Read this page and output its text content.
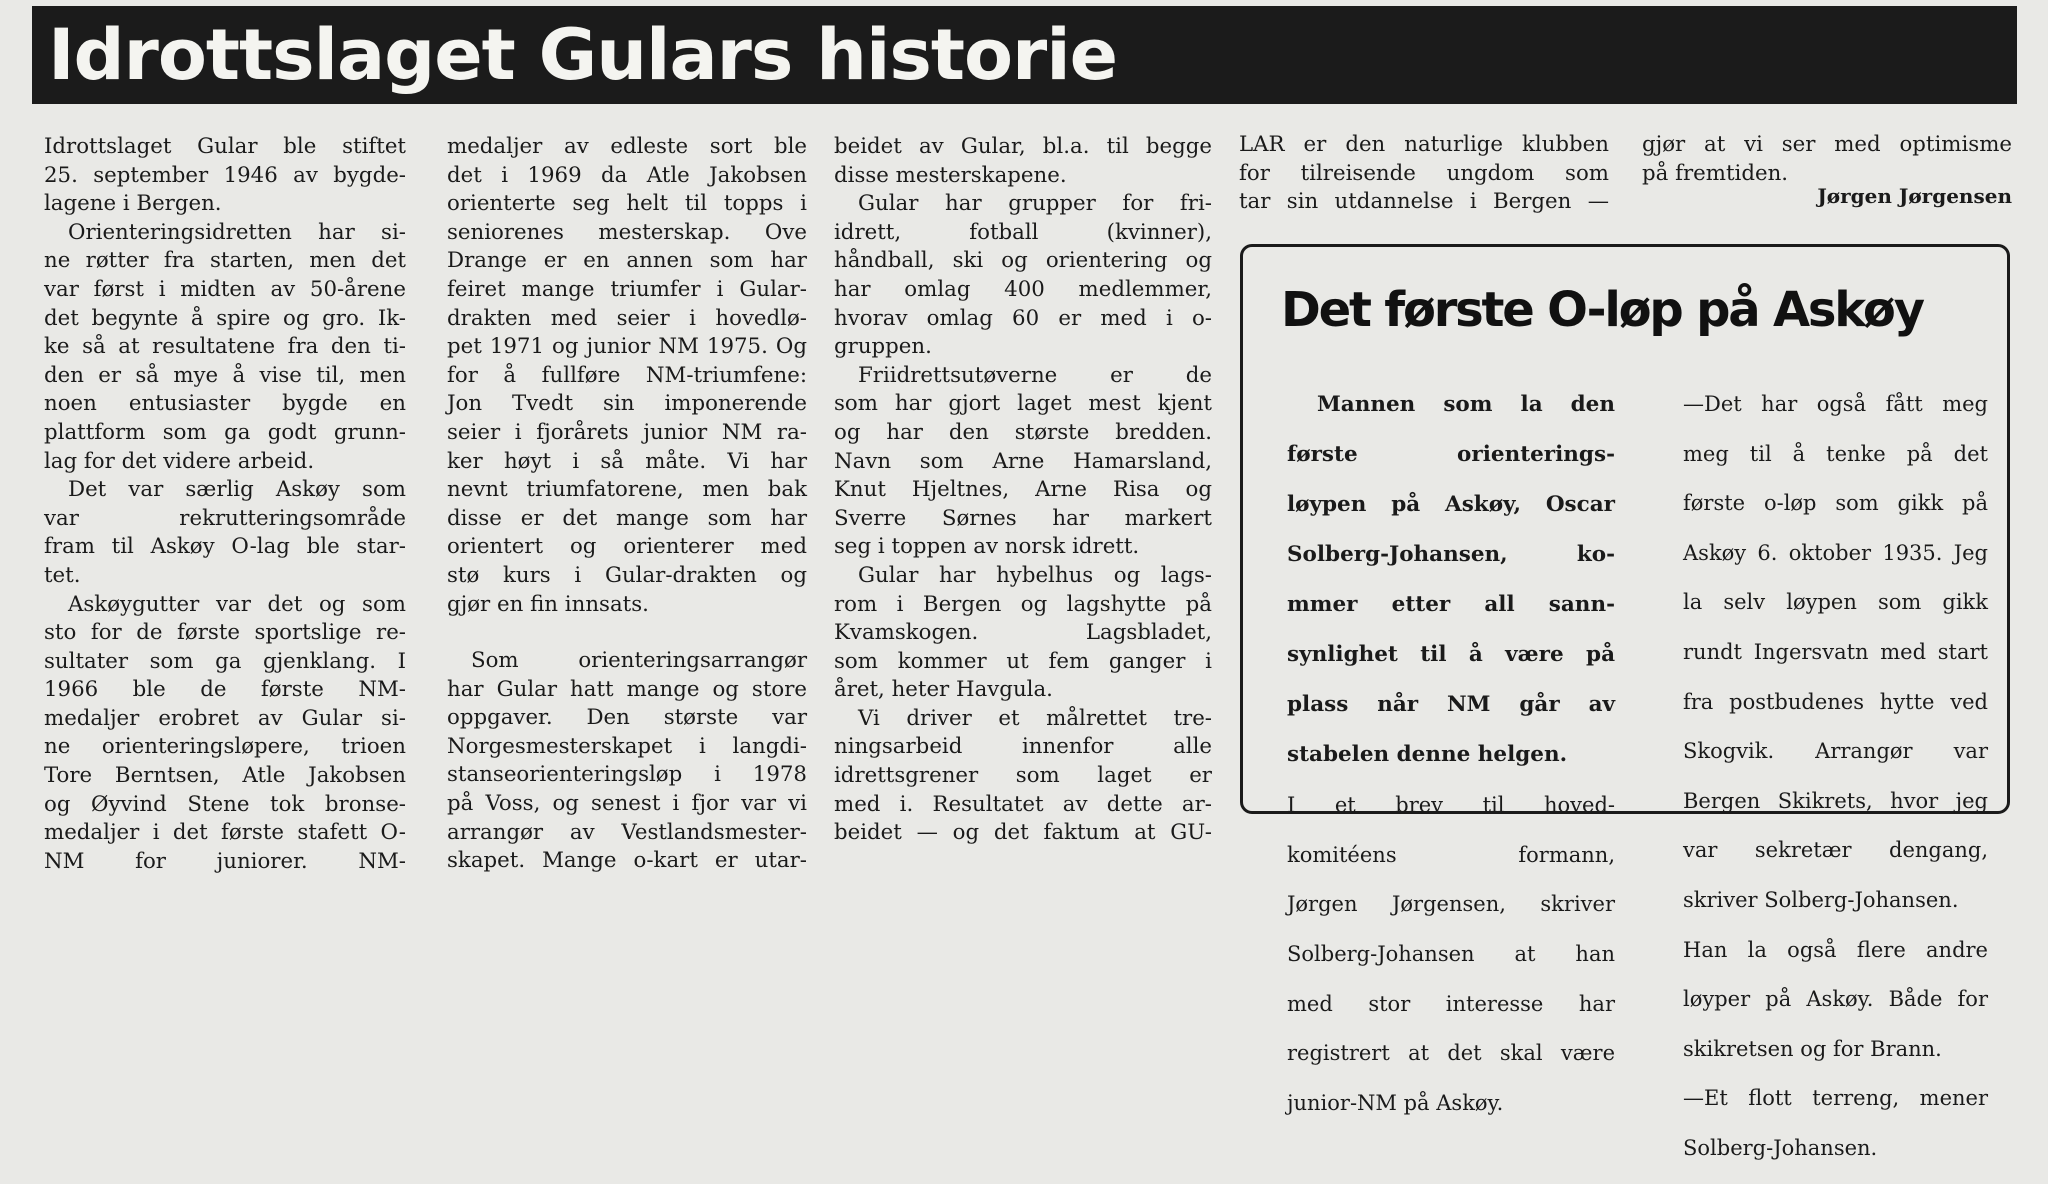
Idrottslaget Gulars historie

Idrottslaget Gular ble stiftet

25. september 1946 av bygde-

lagene i Bergen.

Orienteringsidretten har si-

ne røtter fra starten, men det

var først i midten av 50-årene

det begynte å spire og gro. Ik-

ke så at resultatene fra den ti-

den er så mye å vise til, men

noen entusiaster bygde en

plattform som ga godt grunn-

lag for det videre arbeid.

Det var særlig Askøy som

var rekrutteringsområde

fram til Askøy O-lag ble star-

tet.

Askøygutter var det og som

sto for de første sportslige re-

sultater som ga gjenklang. I

1966 ble de første NM-

medaljer erobret av Gular si-

ne orienteringsløpere, trioen

Tore Berntsen, Atle Jakobsen

og Øyvind Stene tok bronse-

medaljer i det første stafett O-

NM for juniorer. NM-

medaljer av edleste sort ble

det i 1969 da Atle Jakobsen

orienterte seg helt til topps i

seniorenes mesterskap. Ove

Drange er en annen som har

feiret mange triumfer i Gular-

drakten med seier i hovedlø-

pet 1971 og junior NM 1975. Og

for å fullføre NM-triumfene:

Jon Tvedt sin imponerende

seier i fjorårets junior NM ra-

ker høyt i så måte. Vi har

nevnt triumfatorene, men bak

disse er det mange som har

orientert og orienterer med

stø kurs i Gular-drakten og

gjør en fin innsats.

Som orienteringsarrangør

har Gular hatt mange og store

oppgaver. Den største var

Norgesmesterskapet i langdi-

stanseorienteringsløp i 1978

på Voss, og senest i fjor var vi

arrangør av Vestlandsmester-

skapet. Mange o-kart er utar-

beidet av Gular, bl.a. til begge

disse mesterskapene.

Gular har grupper for fri-

idrett, fotball (kvinner),

håndball, ski og orientering og

har omlag 400 medlemmer,

hvorav omlag 60 er med i o-

gruppen.

Friidrettsutøverne er de

som har gjort laget mest kjent

og har den største bredden.

Navn som Arne Hamarsland,

Knut Hjeltnes, Arne Risa og

Sverre Sørnes har markert

seg i toppen av norsk idrett.

Gular har hybelhus og lags-

rom i Bergen og lagshytte på

Kvamskogen. Lagsbladet,

som kommer ut fem ganger i

året, heter Havgula.

Vi driver et målrettet tre-

ningsarbeid innenfor alle

idrettsgrener som laget er

med i. Resultatet av dette ar-

beidet — og det faktum at GU-

LAR er den naturlige klubben

for tilreisende ungdom som

tar sin utdannelse i Bergen —

gjør at vi ser med optimisme

på fremtiden.

Jørgen Jørgensen
Det første O-løp på Askøy

Mannen som la den

første orienterings-

løypen på Askøy, Oscar

Solberg-Johansen, ko-

mmer etter all sann-

synlighet til å være på

plass når NM går av

stabelen denne helgen.

I et brev til hoved-

komitéens formann,

Jørgen Jørgensen, skriver

Solberg-Johansen at han

med stor interesse har

registrert at det skal være

junior-NM på Askøy.

—Det har også fått meg

meg til å tenke på det

første o-løp som gikk på

Askøy 6. oktober 1935. Jeg

la selv løypen som gikk

rundt Ingersvatn med start

fra postbudenes hytte ved

Skogvik. Arrangør var

Bergen Skikrets, hvor jeg

var sekretær dengang,

skriver Solberg-Johansen.

Han la også flere andre

løyper på Askøy. Både for

skikretsen og for Brann.

—Et flott terreng, mener

Solberg-Johansen.
